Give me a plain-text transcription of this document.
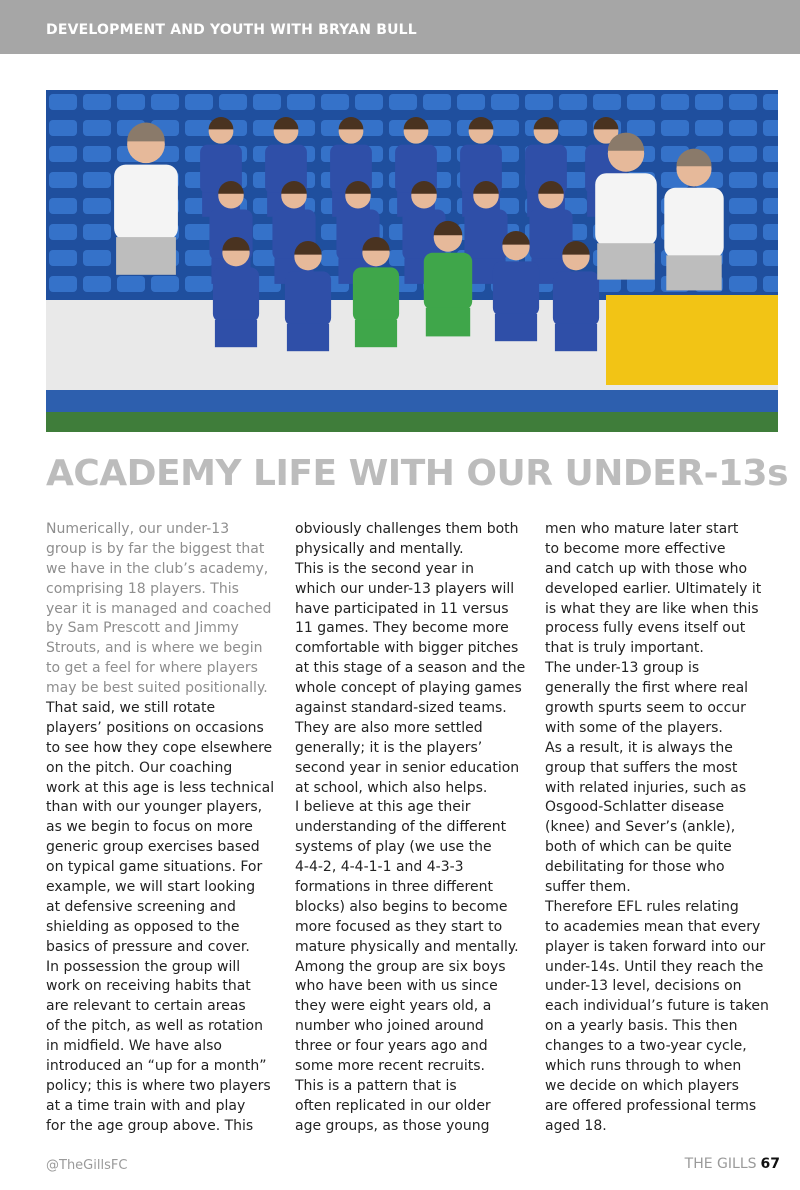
DEVELOPMENT AND YOUTH WITH BRYAN BULL
ACADEMY LIFE WITH OUR UNDER-13s
Numerically, our under-13
group is by far the biggest that
we have in the club’s academy,
comprising 18 players. This
year it is managed and coached
by Sam Prescott and Jimmy
Strouts, and is where we begin
to get a feel for where players
may be best suited positionally.
That said, we still rotate
players’ positions on occasions
to see how they cope elsewhere
on the pitch. Our coaching
work at this age is less technical
than with our younger players,
as we begin to focus on more
generic group exercises based
on typical game situations. For
example, we will start looking
at defensive screening and
shielding as opposed to the
basics of pressure and cover.
In possession the group will
work on receiving habits that
are relevant to certain areas
of the pitch, as well as rotation
in midfield. We have also
introduced an “up for a month”
policy; this is where two players
at a time train with and play
for the age group above. This
obviously challenges them both
physically and mentally.
This is the second year in
which our under-13 players will
have participated in 11 versus
11 games. They become more
comfortable with bigger pitches
at this stage of a season and the
whole concept of playing games
against standard-sized teams.
They are also more settled
generally; it is the players’
second year in senior education
at school, which also helps.
I believe at this age their
understanding of the different
systems of play (we use the
4-4-2, 4-4-1-1 and 4-3-3
formations in three different
blocks) also begins to become
more focused as they start to
mature physically and mentally.
Among the group are six boys
who have been with us since
they were eight years old, a
number who joined around
three or four years ago and
some more recent recruits.
This is a pattern that is
often replicated in our older
age groups, as those young
men who mature later start
to become more effective
and catch up with those who
developed earlier. Ultimately it
is what they are like when this
process fully evens itself out
that is truly important.
The under-13 group is
generally the first where real
growth spurts seem to occur
with some of the players.
As a result, it is always the
group that suffers the most
with related injuries, such as
Osgood-Schlatter disease
(knee) and Sever’s (ankle),
both of which can be quite
debilitating for those who
suffer them.
Therefore EFL rules relating
to academies mean that every
player is taken forward into our
under-14s. Until they reach the
under-13 level, decisions on
each individual’s future is taken
on a yearly basis. This then
changes to a two-year cycle,
which runs through to when
we decide on which players
are offered professional terms
aged 18.
@TheGillsFC	THE GILLS 67
